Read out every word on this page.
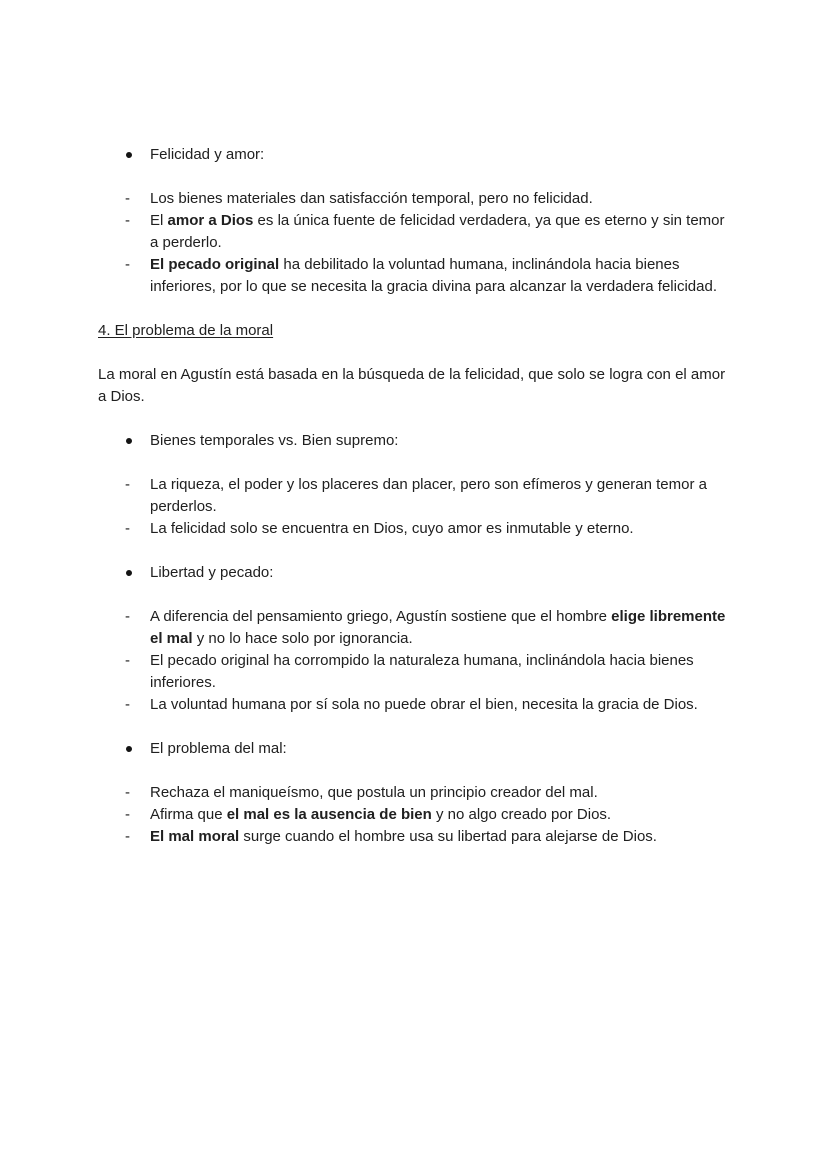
Felicidad y amor:
-	Los bienes materiales dan satisfacción temporal, pero no felicidad.
-	El amor a Dios es la única fuente de felicidad verdadera, ya que es eterno y sin temor a perderlo.
-	El pecado original ha debilitado la voluntad humana, inclinándola hacia bienes inferiores, por lo que se necesita la gracia divina para alcanzar la verdadera felicidad.
4. El problema de la moral
La moral en Agustín está basada en la búsqueda de la felicidad, que solo se logra con el amor a Dios.
Bienes temporales vs. Bien supremo:
-	La riqueza, el poder y los placeres dan placer, pero son efímeros y generan temor a perderlos.
-	La felicidad solo se encuentra en Dios, cuyo amor es inmutable y eterno.
Libertad y pecado:
-	A diferencia del pensamiento griego, Agustín sostiene que el hombre elige libremente el mal y no lo hace solo por ignorancia.
-	El pecado original ha corrompido la naturaleza humana, inclinándola hacia bienes inferiores.
-	La voluntad humana por sí sola no puede obrar el bien, necesita la gracia de Dios.
El problema del mal:
-	Rechaza el maniqueísmo, que postula un principio creador del mal.
-	Afirma que el mal es la ausencia de bien y no algo creado por Dios.
-	El mal moral surge cuando el hombre usa su libertad para alejarse de Dios.
